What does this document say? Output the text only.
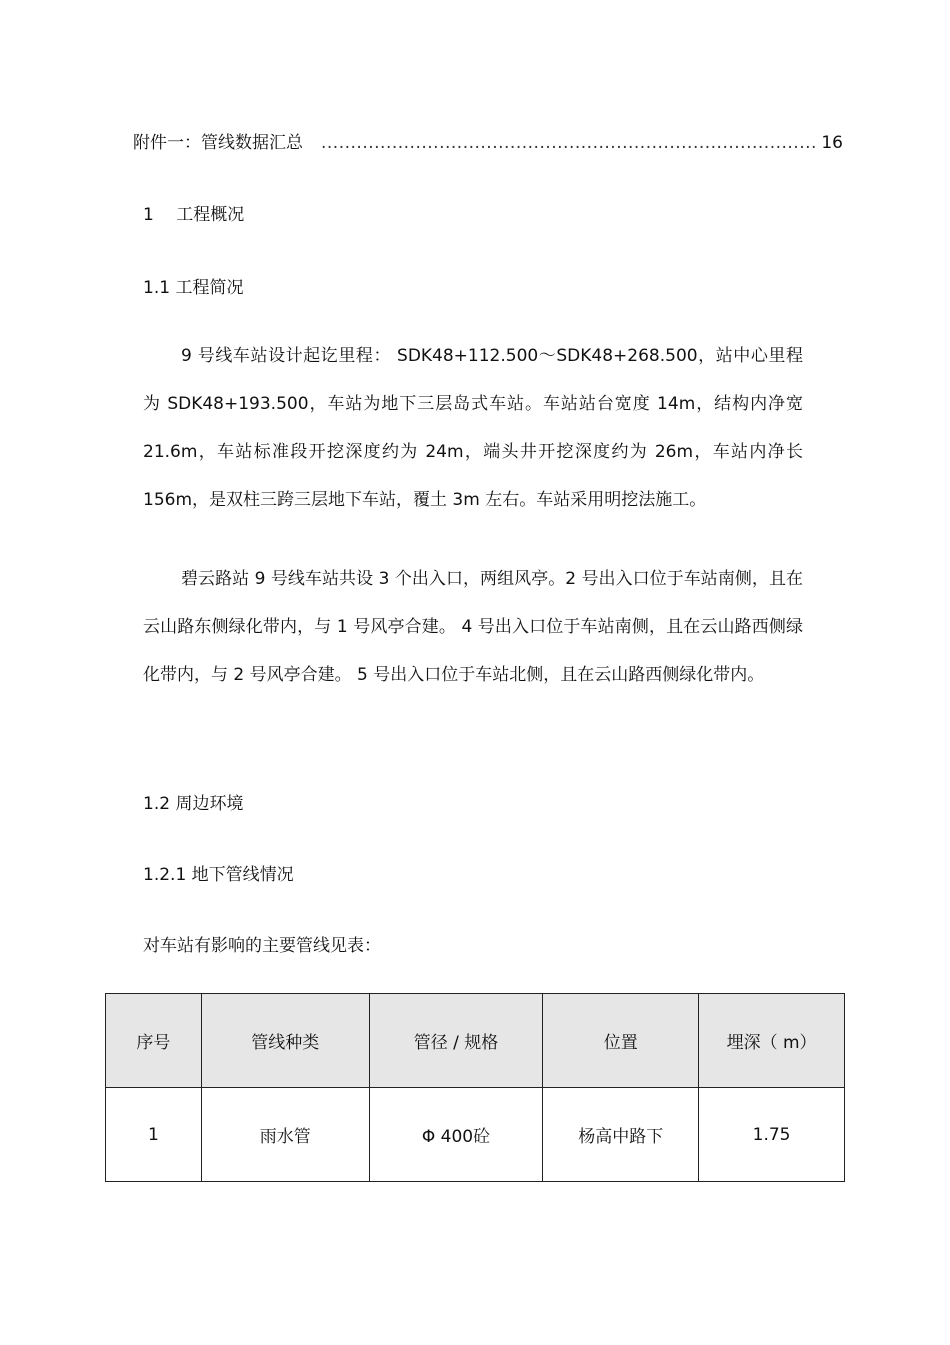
附件一：管线数据汇总 .....	16
1　 工程概况
1.1 工程简况
9 号线车站设计起讫里程： SDK48+112.500～SDK48+268.500，站中心里程为 SDK48+193.500，车站为地下三层岛式车站。车站站台宽度 14m，结构内净宽 21.6m，车站标准段开挖深度约为 24m，端头井开挖深度约为 26m，车站内净长 156m，是双柱三跨三层地下车站，覆土 3m 左右。车站采用明挖法施工。
碧云路站 9 号线车站共设 3 个出入口，两组风亭。2 号出入口位于车站南侧，且在云山路东侧绿化带内，与 1 号风亭合建。 4 号出入口位于车站南侧，且在云山路西侧绿化带内，与 2 号风亭合建。 5 号出入口位于车站北侧，且在云山路西侧绿化带内。
1.2 周边环境
1.2.1 地下管线情况
对车站有影响的主要管线见表：
序号	管线种类	管径 / 规格	位置	埋深（ m）
1	雨水管	Φ 400砼	杨高中路下	1.75
